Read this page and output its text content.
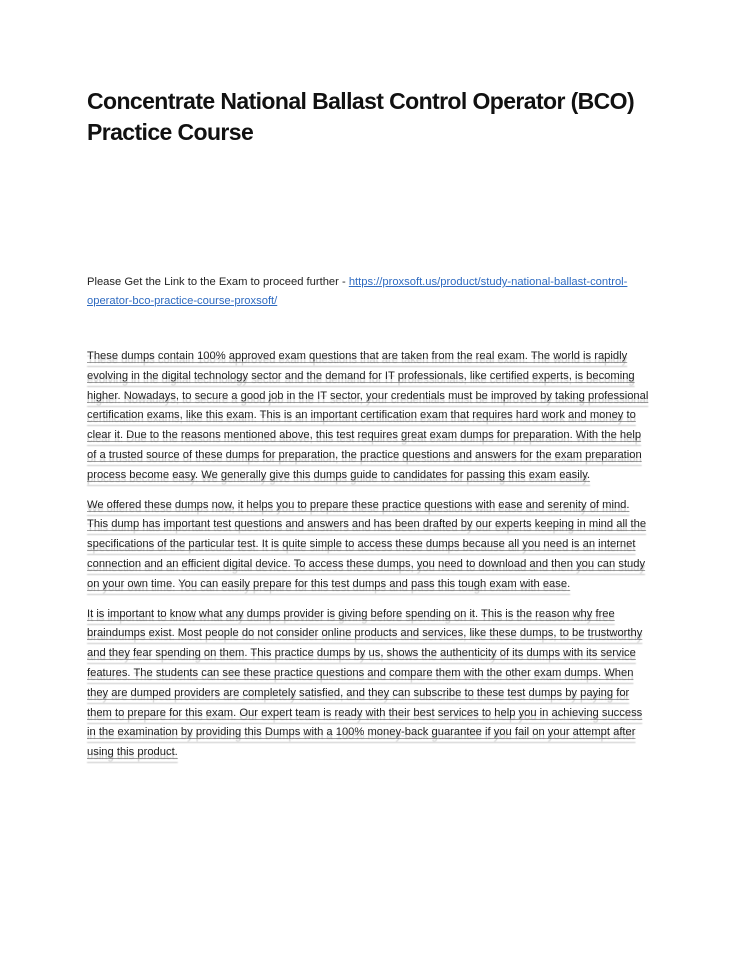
Concentrate National Ballast Control Operator (BCO) Practice Course

Please Get the Link to the Exam to proceed further - https://proxsoft.us/product/study-national-ballast-control-operator-bco-practice-course-proxsoft/

These dumps contain 100% approved exam questions that are taken from the real exam. The world is rapidly evolving in the digital technology sector and the demand for IT professionals, like certified experts, is becoming higher. Nowadays, to secure a good job in the IT sector, your credentials must be improved by taking professional certification exams, like this exam. This is an important certification exam that requires hard work and money to clear it. Due to the reasons mentioned above, this test requires great exam dumps for preparation. With the help of a trusted source of these dumps for preparation, the practice questions and answers for the exam preparation process become easy. We generally give this dumps guide to candidates for passing this exam easily.

We offered these dumps now, it helps you to prepare these practice questions with ease and serenity of mind. This dump has important test questions and answers and has been drafted by our experts keeping in mind all the specifications of the particular test. It is quite simple to access these dumps because all you need is an internet connection and an efficient digital device. To access these dumps, you need to download and then you can study on your own time. You can easily prepare for this test dumps and pass this tough exam with ease.

It is important to know what any dumps provider is giving before spending on it. This is the reason why free braindumps exist. Most people do not consider online products and services, like these dumps, to be trustworthy and they fear spending on them. This practice dumps by us, shows the authenticity of its dumps with its service features. The students can see these practice questions and compare them with the other exam dumps. When they are dumped providers are completely satisfied, and they can subscribe to these test dumps by paying for them to prepare for this exam. Our expert team is ready with their best services to help you in achieving success in the examination by providing this Dumps with a 100% money-back guarantee if you fail on your attempt after using this product.
